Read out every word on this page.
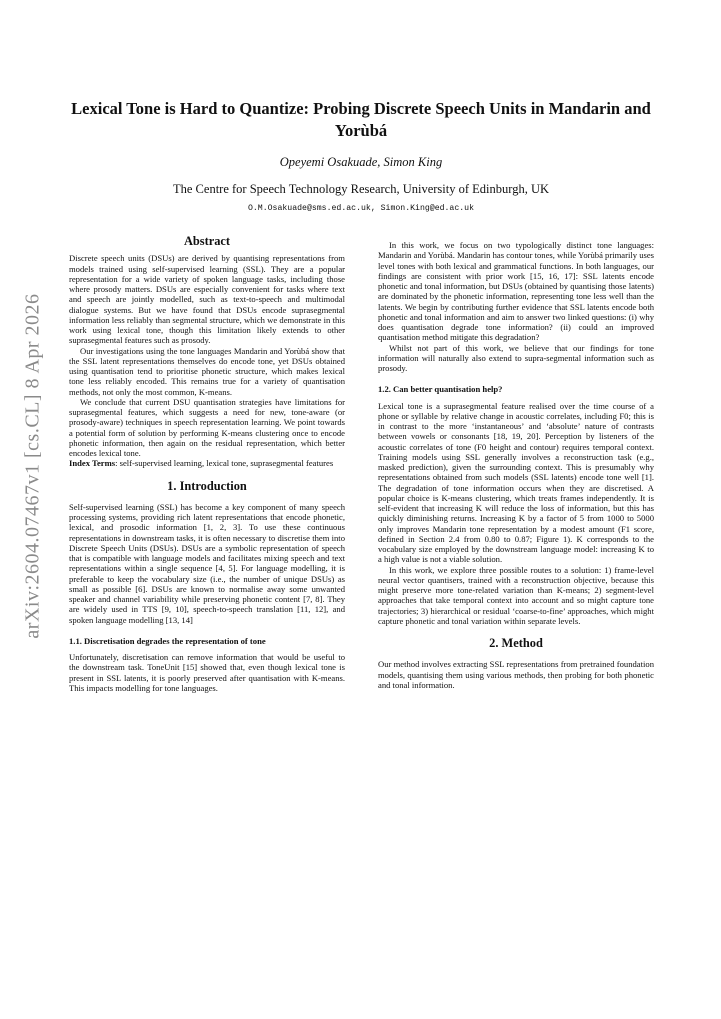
arXiv:2604.07467v1 [cs.CL] 8 Apr 2026
Lexical Tone is Hard to Quantize: Probing Discrete Speech Units in Mandarin and Yorùbá
Opeyemi Osakuade, Simon King
The Centre for Speech Technology Research, University of Edinburgh, UK
O.M.Osakuade@sms.ed.ac.uk, Simon.King@ed.ac.uk
Abstract

Discrete speech units (DSUs) are derived by quantising representations from models trained using self-supervised learning (SSL). They are a popular representation for a wide variety of spoken language tasks, including those where prosody matters. DSUs are especially convenient for tasks where text and speech are jointly modelled, such as text-to-speech and multimodal dialogue systems. But we have found that DSUs encode suprasegmental information less reliably than segmental structure, which we demonstrate in this work using lexical tone, though this limitation likely extends to other suprasegmental features such as prosody.

Our investigations using the tone languages Mandarin and Yorùbá show that the SSL latent representations themselves do encode tone, yet DSUs obtained using quantisation tend to prioritise phonetic structure, which makes lexical tone less reliably encoded. This remains true for a variety of quantisation methods, not only the most common, K-means.

We conclude that current DSU quantisation strategies have limitations for suprasegmental features, which suggests a need for new, tone-aware (or prosody-aware) techniques in speech representation learning. We point towards a potential form of solution by performing K-means clustering once to encode phonetic information, then again on the residual representation, which better encodes lexical tone.

Index Terms: self-supervised learning, lexical tone, suprasegmental features

1. Introduction

Self-supervised learning (SSL) has become a key component of many speech processing systems, providing rich latent representations that encode phonetic, lexical, and prosodic information [1, 2, 3]. To use these continuous representations in downstream tasks, it is often necessary to discretise them into Discrete Speech Units (DSUs). DSUs are a symbolic representation of speech that is compatible with language models and facilitates mixing speech and text representations within a single sequence [4, 5]. For language modelling, it is preferable to keep the vocabulary size (i.e., the number of unique DSUs) as small as possible [6]. DSUs are known to normalise away some unwanted speaker and channel variability while preserving phonetic content [7, 8]. They are widely used in TTS [9, 10], speech-to-speech translation [11, 12], and spoken language modelling [13, 14]

1.1. Discretisation degrades the representation of tone

Unfortunately, discretisation can remove information that would be useful to the downstream task. ToneUnit [15] showed that, even though lexical tone is present in SSL latents, it is poorly preserved after quantisation with K-means. This impacts modelling for tone languages.

In this work, we focus on two typologically distinct tone languages: Mandarin and Yorùbá. Mandarin has contour tones, while Yorùbá primarily uses level tones with both lexical and grammatical functions. In both languages, our findings are consistent with prior work [15, 16, 17]: SSL latents encode phonetic and tonal information, but DSUs (obtained by quantising those latents) are dominated by the phonetic information, representing tone less well than the latents. We begin by contributing further evidence that SSL latents encode both phonetic and tonal information and aim to answer two linked questions: (i) why does quantisation degrade tone information? (ii) could an improved quantisation method mitigate this degradation?

Whilst not part of this work, we believe that our findings for tone information will naturally also extend to supra-segmental information such as prosody.

1.2. Can better quantisation help?

Lexical tone is a suprasegmental feature realised over the time course of a phone or syllable by relative change in acoustic correlates, including F0; this is in contrast to the more ‘instantaneous’ and ‘absolute’ nature of contrasts between vowels or consonants [18, 19, 20]. Perception by listeners of the acoustic correlates of tone (F0 height and contour) requires temporal context. Training models using SSL generally involves a reconstruction task (e.g., masked prediction), given the surrounding context. This is presumably why representations obtained from such models (SSL latents) encode tone well [1]. The degradation of tone information occurs when they are discretised. A popular choice is K-means clustering, which treats frames independently. It is self-evident that increasing K will reduce the loss of information, but this has quickly diminishing returns. Increasing K by a factor of 5 from 1000 to 5000 only improves Mandarin tone representation by a modest amount (F1 score, defined in Section 2.4 from 0.80 to 0.87; Figure 1). K corresponds to the vocabulary size employed by the downstream language model: increasing K to a high value is not a viable solution.

In this work, we explore three possible routes to a solution: 1) frame-level neural vector quantisers, trained with a reconstruction objective, because this might preserve more tone-related variation than K-means; 2) segment-level approaches that take temporal context into account and so might capture tone trajectories; 3) hierarchical or residual ‘coarse-to-fine’ approaches, which might capture phonetic and tonal variation within separate levels.

2. Method

Our method involves extracting SSL representations from pretrained foundation models, quantising them using various methods, then probing for both phonetic and tonal information.
